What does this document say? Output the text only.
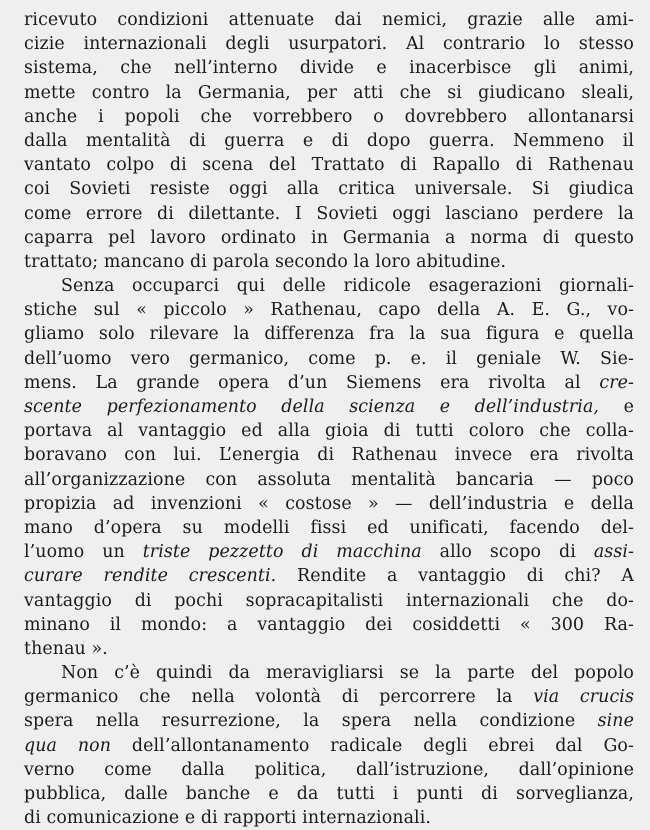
ricevuto condizioni attenuate dai nemici, grazie alle ami-
cizie internazionali degli usurpatori. Al contrario lo stesso
sistema, che nell’interno divide e inacerbisce gli animi,
mette contro la Germania, per atti che si giudicano sleali,
anche i popoli che vorrebbero o dovrebbero allontanarsi
dalla mentalità di guerra e di dopo guerra. Nemmeno il
vantato colpo di scena del Trattato di Rapallo di Rathenau
coi Sovieti resiste oggi alla critica universale. Si giudica
come errore di dilettante. I Sovieti oggi lasciano perdere la
caparra pel lavoro ordinato in Germania a norma di questo
trattato; mancano di parola secondo la loro abitudine.
Senza occuparci qui delle ridicole esagerazioni giornali-
stiche sul « piccolo » Rathenau, capo della A. E. G., vo-
gliamo solo rilevare la differenza fra la sua figura e quella
dell’uomo vero germanico, come p. e. il geniale W. Sie-
mens. La grande opera d’un Siemens era rivolta al cre-
scente perfezionamento della scienza e dell’industria, e
portava al vantaggio ed alla gioia di tutti coloro che colla-
boravano con lui. L’energia di Rathenau invece era rivolta
all’organizzazione con assoluta mentalità bancaria — poco
propizia ad invenzioni « costose » — dell’industria e della
mano d’opera su modelli fissi ed unificati, facendo del-
l’uomo un triste pezzetto di macchina allo scopo di assi-
curare rendite crescenti. Rendite a vantaggio di chi? A
vantaggio di pochi sopracapitalisti internazionali che do-
minano il mondo: a vantaggio dei cosiddetti « 300 Ra-
thenau ».
Non c’è quindi da meravigliarsi se la parte del popolo
germanico che nella volontà di percorrere la via crucis
spera nella resurrezione, la spera nella condizione sine
qua non dell’allontanamento radicale degli ebrei dal Go-
verno come dalla politica, dall’istruzione, dall’opinione
pubblica, dalle banche e da tutti i punti di sorveglianza,
di comunicazione e di rapporti internazionali.
